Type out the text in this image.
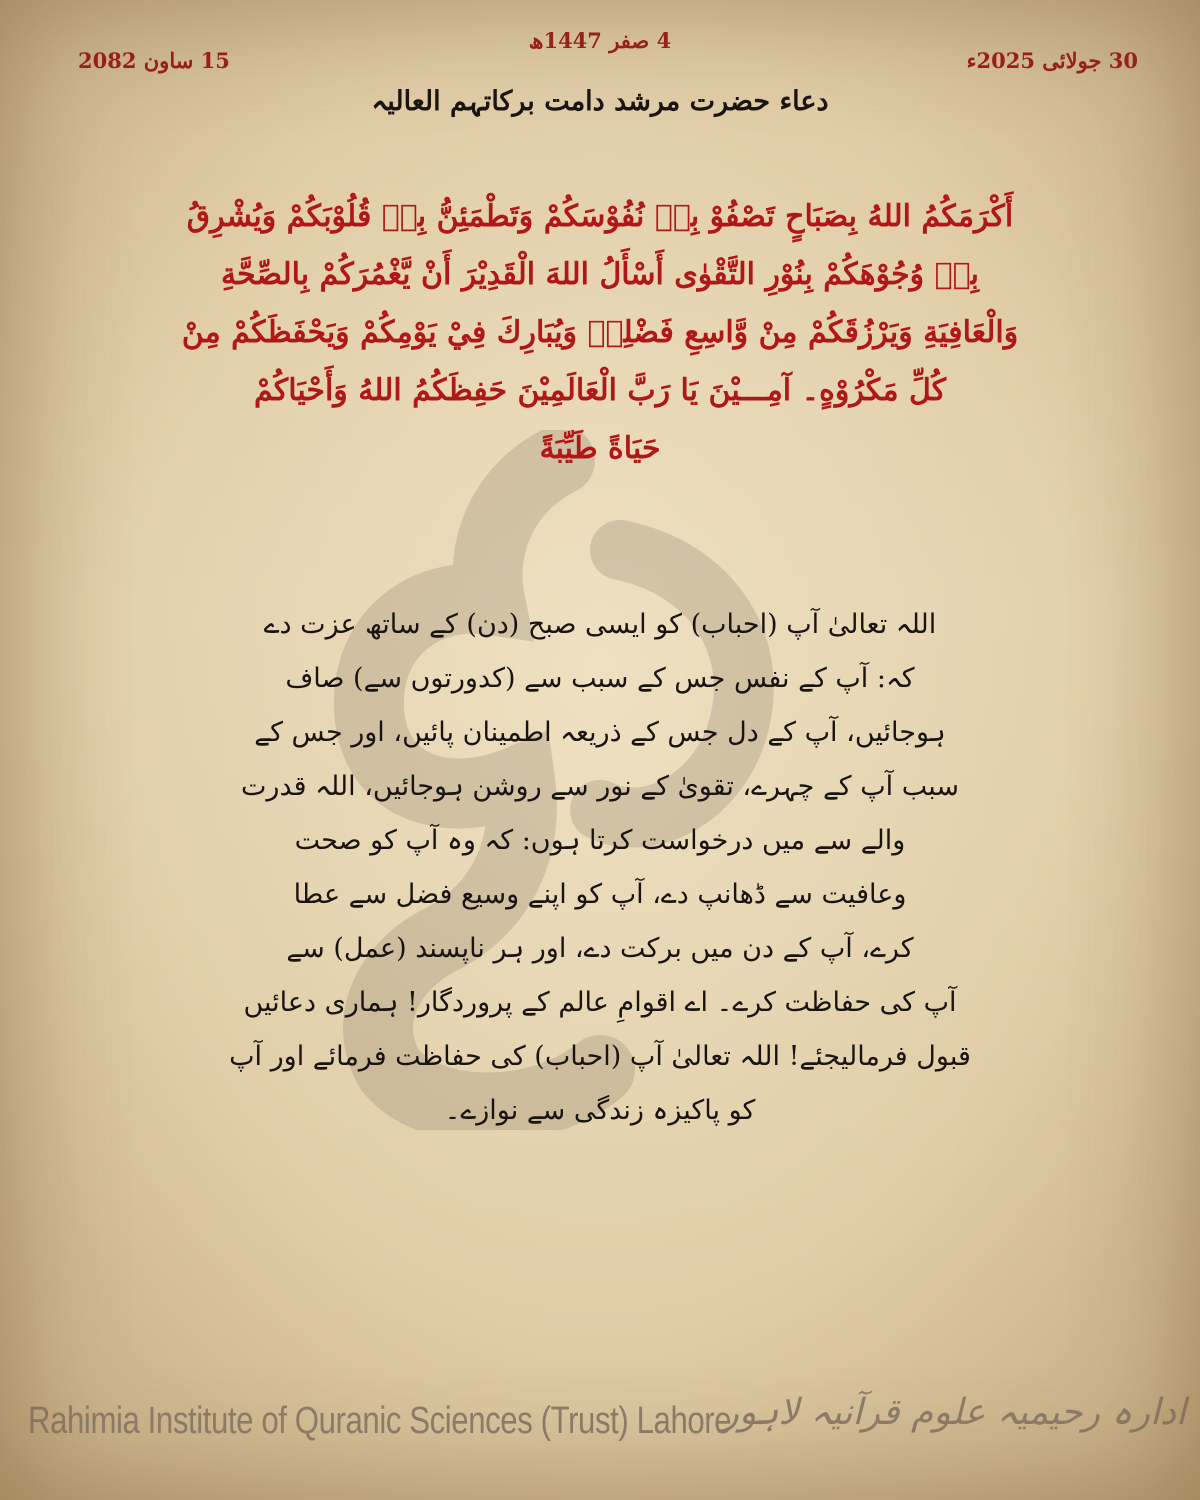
30 جولائی 2025ء
4 صفر 1447ھ
15 ساون 2082
دعاء حضرت مرشد دامت برکاتہم العالیہ
أَكْرَمَكُمُ اللهُ بِصَبَاحٍ تَصْفُوْ بِهٖ نُفُوْسَكُمْ وَتَطْمَئِنُّ بِهٖ قُلُوْبَكُمْ وَيُشْرِقُ
بِهٖ وُجُوْهَكُمْ بِنُوْرِ التَّقْوٰى أَسْأَلُ اللهَ الْقَدِيْرَ أَنْ يَّغْمُرَكُمْ بِالصِّحَّةِ
وَالْعَافِيَةِ وَيَرْزُقَكُمْ مِنْ وَّاسِعِ فَضْلِهٖ وَيُبَارِكَ فِيْ يَوْمِكُمْ وَيَحْفَظَكُمْ مِنْ
كُلِّ مَكْرُوْهٍ۔ آمِـــيْنَ يَا رَبَّ الْعَالَمِيْنَ حَفِظَكُمُ اللهُ وَأَحْيَاكُمْ
حَيَاةً طَيِّبَةً
اللہ تعالیٰ آپ (احباب) کو ایسی صبح (دن) کے ساتھ عزت دے
کہ: آپ کے نفس جس کے سبب سے (کدورتوں سے) صاف
ہوجائیں، آپ کے دل جس کے ذریعہ اطمینان پائیں، اور جس کے
سبب آپ کے چہرے، تقویٰ کے نور سے روشن ہوجائیں، اللہ قدرت
والے سے میں درخواست کرتا ہوں: کہ وہ آپ کو صحت
وعافیت سے ڈھانپ دے، آپ کو اپنے وسیع فضل سے عطا
کرے، آپ کے دن میں برکت دے، اور ہر ناپسند (عمل) سے
آپ کی حفاظت کرے۔ اے اقوامِ عالم کے پروردگار! ہماری دعائیں
قبول فرمالیجئے! اللہ تعالیٰ آپ (احباب) کی حفاظت فرمائے اور آپ
کو پاکیزہ زندگی سے نوازے۔
Rahimia Institute of Quranic Sciences (Trust) Lahore
ادارہ رحیمیہ علوم قرآنیہ لاہور
